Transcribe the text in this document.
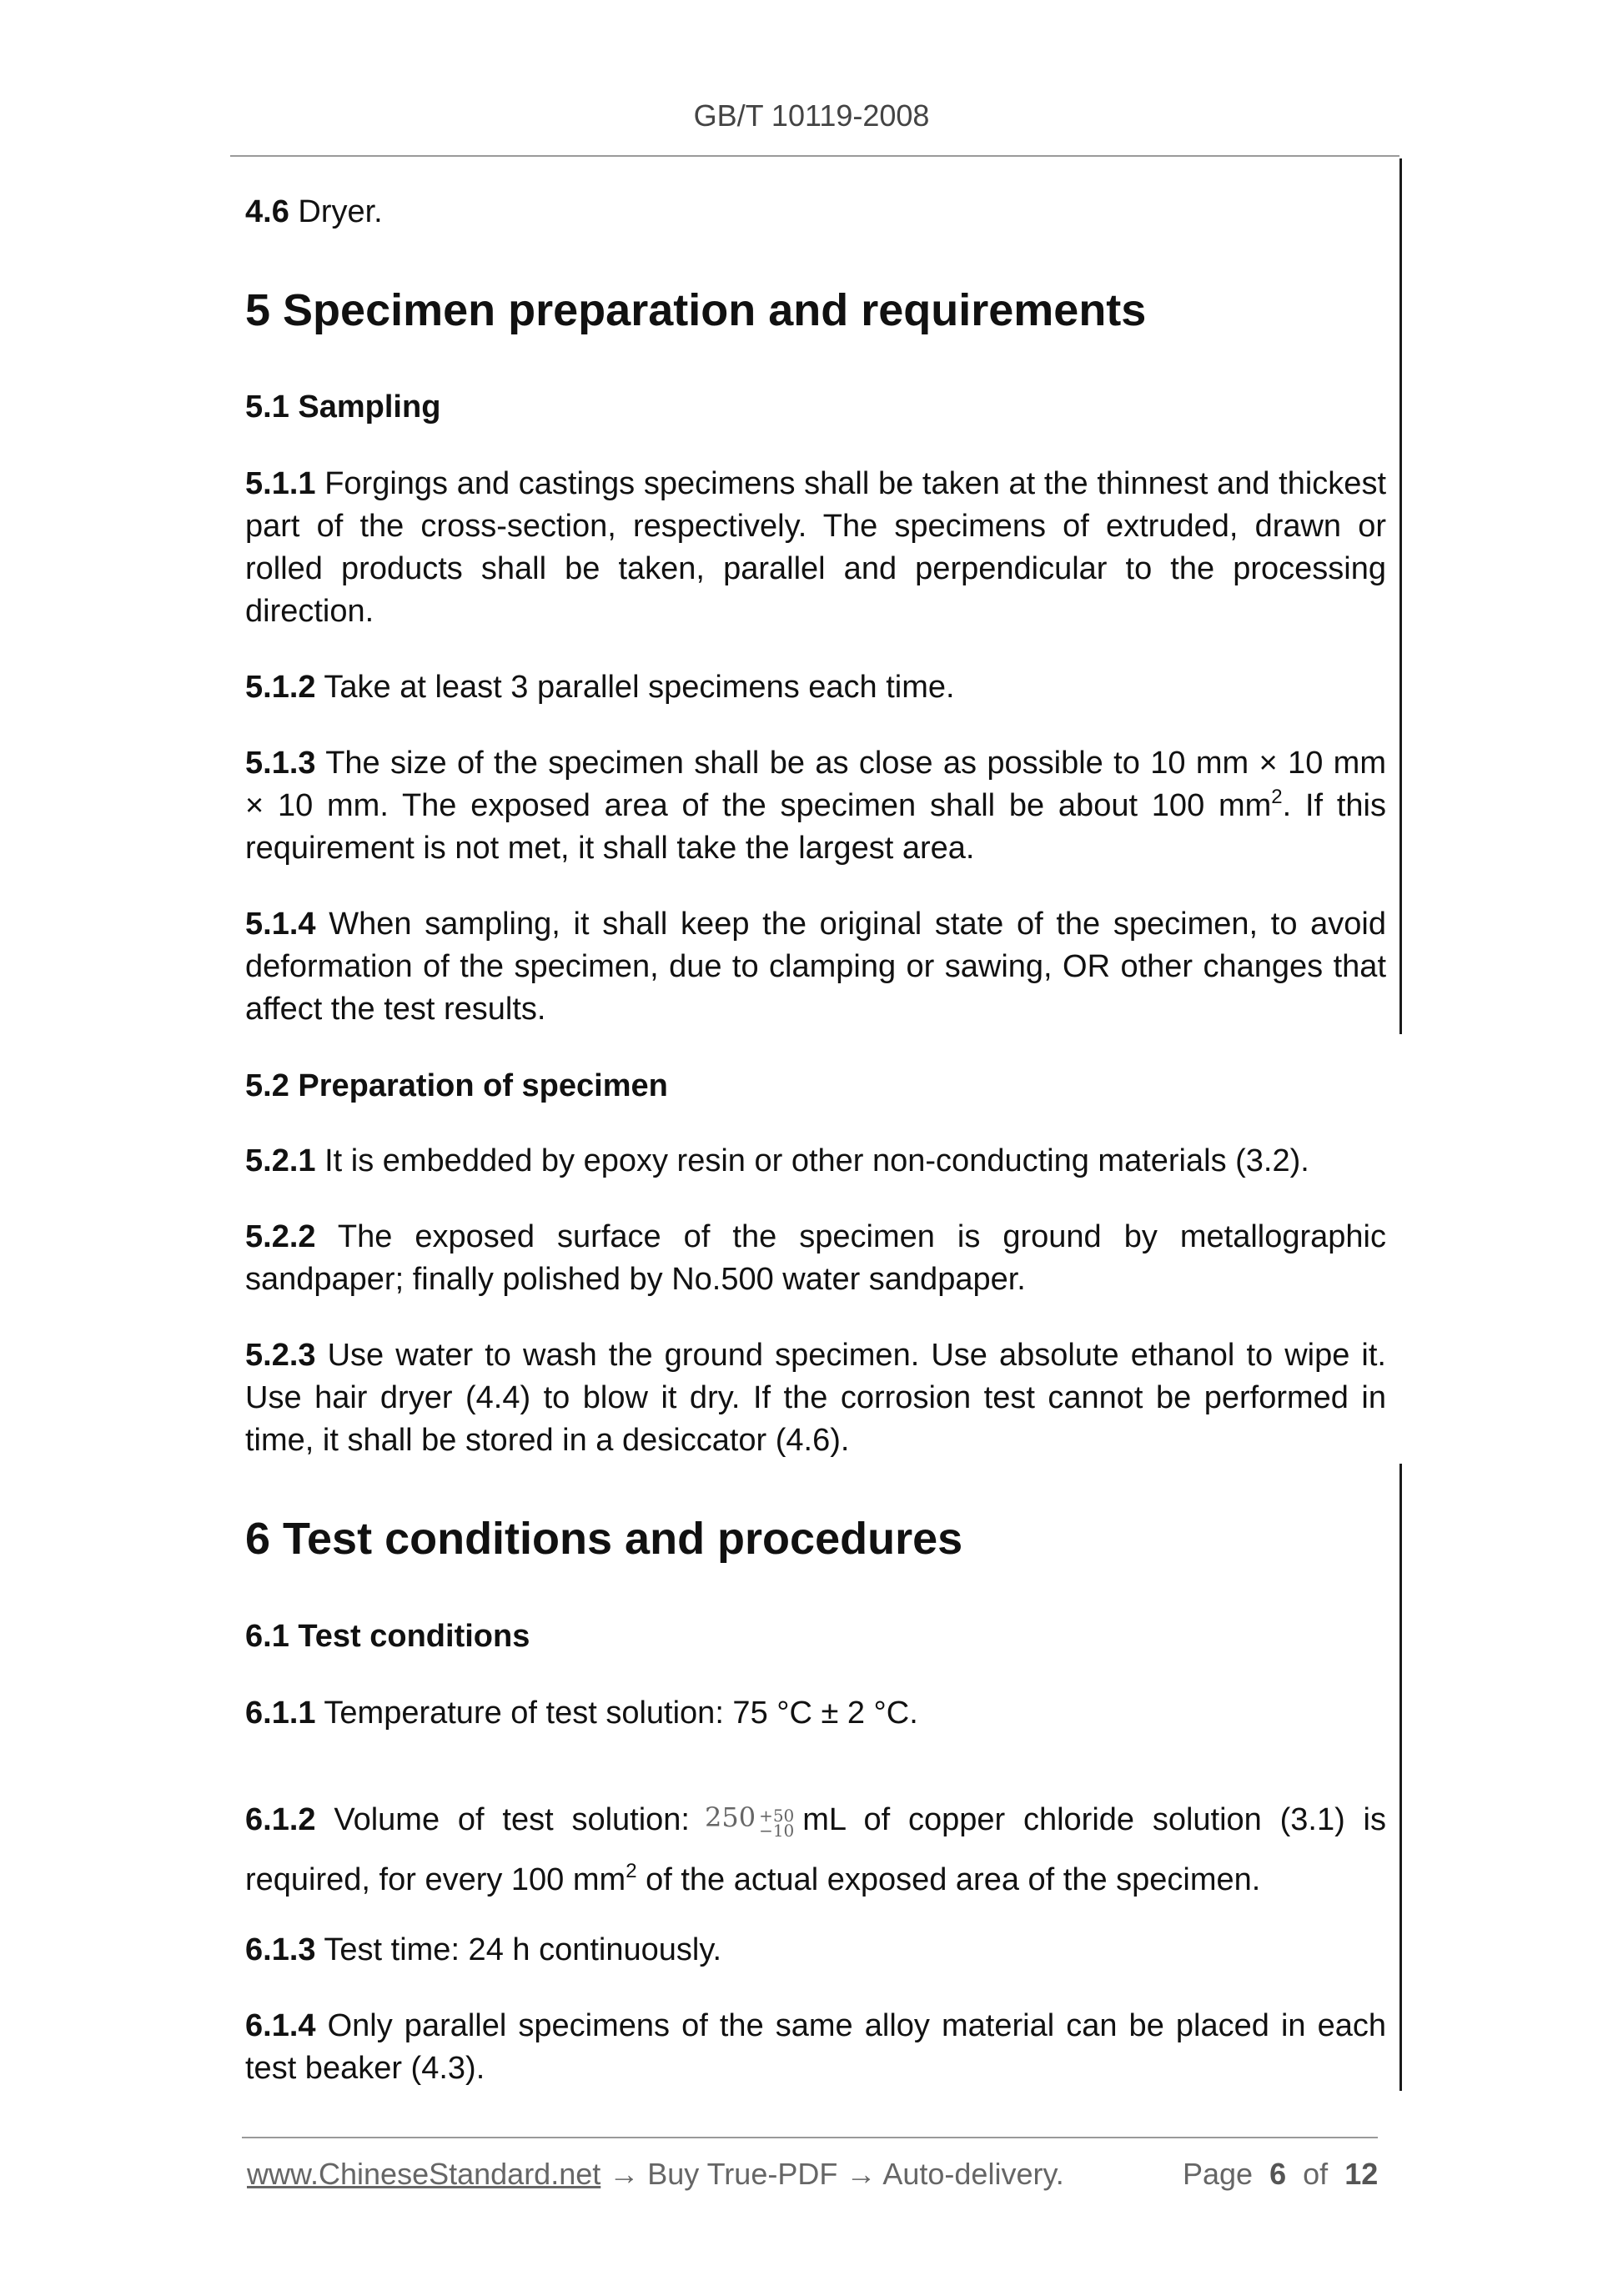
GB/T 10119-2008

4.6 Dryer.

5 Specimen preparation and requirements
5.1 Sampling

5.1.1 Forgings and castings specimens shall be taken at the thinnest and thickest part of the cross-section, respectively. The specimens of extruded, drawn or rolled products shall be taken, parallel and perpendicular to the processing direction.

5.1.2 Take at least 3 parallel specimens each time.

5.1.3 The size of the specimen shall be as close as possible to 10 mm × 10 mm × 10 mm. The exposed area of the specimen shall be about 100 $mm^2$. If this requirement is not met, it shall take the largest area.

5.1.4 When sampling, it shall keep the original state of the specimen, to avoid deformation of the specimen, due to clamping or sawing, OR other changes that affect the test results.

5.2 Preparation of specimen

5.2.1 It is embedded by epoxy resin or other non-conducting materials (3.2).

5.2.2 The exposed surface of the specimen is ground by metallographic sandpaper; finally polished by No.500 water sandpaper.

5.2.3 Use water to wash the ground specimen. Use absolute ethanol to wipe it. Use hair dryer (4.4) to blow it dry. If the corrosion test cannot be performed in time, it shall be stored in a desiccator (4.6).

6 Test conditions and procedures
6.1 Test conditions

6.1.1 Temperature of test solution: 75 °C ± 2 °C.

6.1.2 Volume of test solution: 250 +50
−10 mL of copper chloride solution (3.1) is required, for every 100 $mm^2$ of the actual exposed area of the specimen.

6.1.3 Test time: 24 h continuously.

6.1.4 Only parallel specimens of the same alloy material can be placed in each test beaker (4.3).

www.ChineseStandard.net → Buy True-PDF → Auto-delivery.	Page 6 of 12
